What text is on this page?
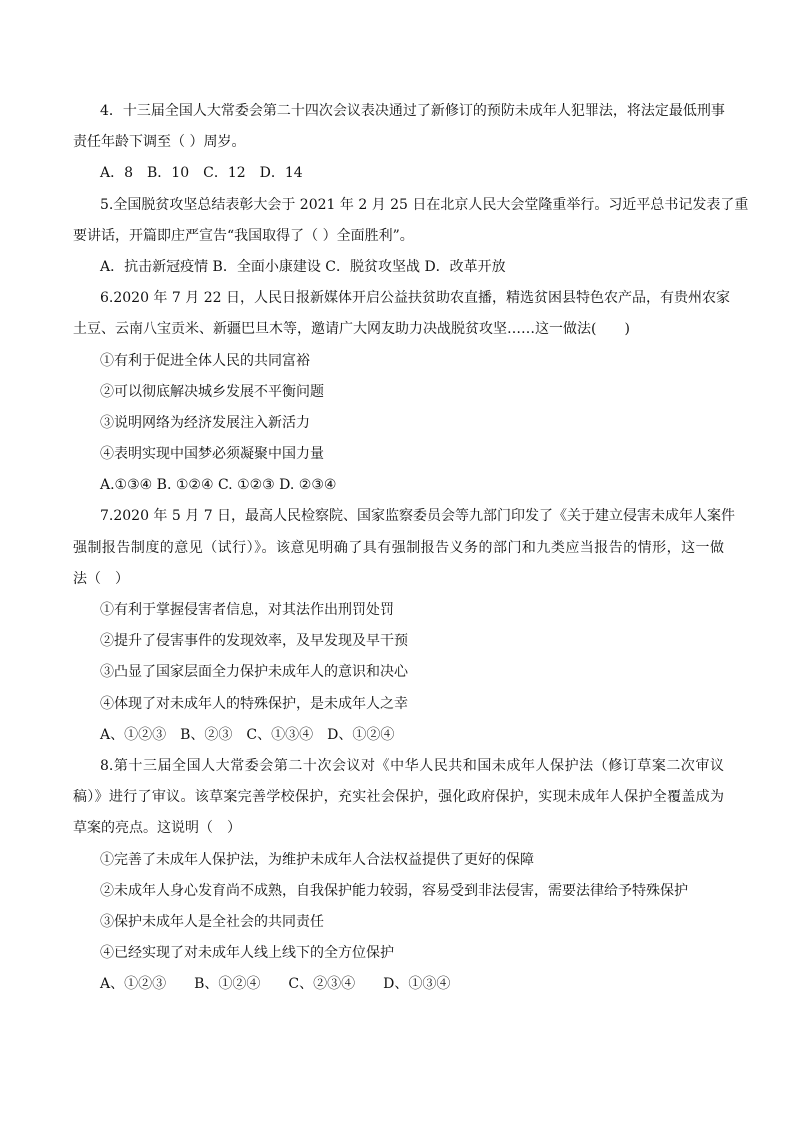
4．十三届全国人大常委会第二十四次会议表决通过了新修订的预防未成年人犯罪法，将法定最低刑事
责任年龄下调至（ ）周岁。
A．8　B．10　C．12　D．14
5.全国脱贫攻坚总结表彰大会于 2021 年 2 月 25 日在北京人民大会堂隆重举行。习近平总书记发表了重
要讲话，开篇即庄严宣告“我国取得了（ ）全面胜利”。
A．抗击新冠疫情 B．全面小康建设 C．脱贫攻坚战 D．改革开放
6.2020 年 7 月 22 日，人民日报新媒体开启公益扶贫助农直播，精选贫困县特色农产品，有贵州农家
土豆、云南八宝贡米、新疆巴旦木等，邀请广大网友助力决战脱贫攻坚……这一做法(　　)
①有利于促进全体人民的共同富裕
②可以彻底解决城乡发展不平衡问题
③说明网络为经济发展注入新活力
④表明实现中国梦必须凝聚中国力量
A.①③④ B. ①②④ C. ①②③ D. ②③④
7.2020 年 5 月 7 日，最高人民检察院、国家监察委员会等九部门印发了《关于建立侵害未成年人案件
强制报告制度的意见（试行）》。该意见明确了具有强制报告义务的部门和九类应当报告的情形，这一做
法（　）
①有利于掌握侵害者信息，对其法作出刑罚处罚
②提升了侵害事件的发现效率，及早发现及早干预
③凸显了国家层面全力保护未成年人的意识和决心
④体现了对未成年人的特殊保护，是未成年人之幸
A、①②③　B、②③　C、①③④　D、①②④
8.第十三届全国人大常委会第二十次会议对《中华人民共和国未成年人保护法（修订草案二次审议
稿）》进行了审议。该草案完善学校保护，充实社会保护，强化政府保护，实现未成年人保护全覆盖成为
草案的亮点。这说明（　）
①完善了未成年人保护法，为维护未成年人合法权益提供了更好的保障
②未成年人身心发育尚不成熟，自我保护能力较弱，容易受到非法侵害，需要法律给予特殊保护
③保护未成年人是全社会的共同责任
④已经实现了对未成年人线上线下的全方位保护
A、①②③　　B、①②④　　C、②③④　　D、①③④
